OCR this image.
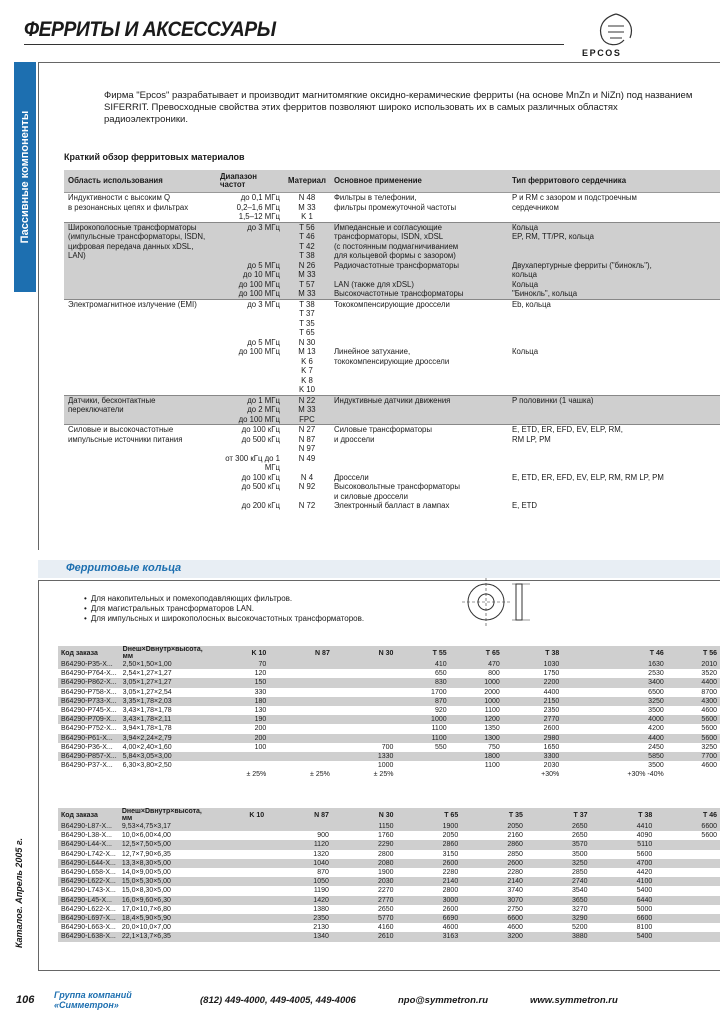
ФЕРРИТЫ И АКСЕССУАРЫ
EPCOS
Пассивные компоненты
Каталог. Апрель 2005 г.
Фирма "Epcos" разрабатывает и производит магнитомягкие оксидно-керамические ферриты (на основе MnZn и NiZn) под названием SIFERRIT. Превосходные свойства этих ферритов позволяют широко использовать их в самых различных областях радиоэлектроники.
Краткий обзор ферритовых материалов
Область использования	Диапазон частот	Материал	Основное применение	Тип ферритового сердечника
Индуктивности с высоким Q	до 0,1 МГц	N 48	Фильтры в телефонии,	P и RM с зазором и подстроечным
в резонансных цепях и фильтрах	0,2–1,6 МГц	M 33	фильтры промежуточной частоты	сердечником
	1,5–12 МГц	K 1		
Широкополосные трансформаторы	до 3 МГц	T 56	Импедансные и согласующие	Кольца
(импульсные трансформаторы, ISDN,		T 46	трансформаторы, ISDN, xDSL	EP, RM, TT/PR, кольца
цифровая передача данных xDSL,		T 42	(с постоянным подмагничиванием	
LAN)		T 38	для кольцевой формы с зазором)	
	до 5 МГц	N 26	Радиочастотные трансформаторы	Двухапертурные ферриты ("бинокль"),
	до 10 МГц	M 33		кольца
	до 100 МГц	T 57	LAN (также для xDSL)	Кольца
	до 100 МГц	M 33	Высокочастотные трансформаторы	"Бинокль", кольца
Электромагнитное излучение (EMI)	до 3 МГц	T 38	Тококомпенсирующие дроссели	Eb, кольца
		T 37		
		T 35		
		T 65		
	до 5 МГц	N 30		
	до 100 МГц	M 13	Линейное затухание,	Кольца
		K 6	тококомпенсирующие дроссели	
		K 7		
		K 8		
		K 10		
Датчики, бесконтактные	до 1 МГц	N 22	Индуктивные датчики движения	P половинки (1 чашка)
переключатели	до 2 МГц	M 33		
	до 100 МГц	FPC		
Силовые и высокочастотные	до 100 кГц	N 27	Силовые трансформаторы	E, ETD, ER, EFD, EV, ELP, RM,
импульсные источники питания	до 500 кГц	N 87	и дроссели	RM LP, PM
		N 97		
	от 300 кГц до 1 МГц	N 49		
	до 100 кГц	N 4	Дроссели	E, ETD, ER, EFD, EV, ELP, RM, RM LP, PM
	до 500 кГц	N 92	Высоковольтные трансформаторы	
			и силовые дроссели	
	до 200 кГц	N 72	Электронный балласт в лампах	E, ETD
Ферритовые кольца
• Для накопительных и помехоподавляющих фильтров.
• Для магистральных трансформаторов LAN.
• Для импульсных и широкополосных высокочастотных трансформаторов.
Код заказа	Dнеш×Dвнутр×высота, мм	K 10	N 87	N 30	T 55	T 65	T 38	T 46	T 56
B64290-P35-X...	2,50×1,50×1,00	70			410	470	1030	1630	2010
B64290-P764-X...	2,54×1,27×1,27	120			650	800	1750	2530	3520
B64290-P862-X...	3,05×1,27×1,27	150			830	1000	2200	3400	4400
B64290-P758-X...	3,05×1,27×2,54	330			1700	2000	4400	6500	8700
B64290-P733-X...	3,35×1,78×2,03	180			870	1000	2150	3250	4300
B64290-P745-X...	3,43×1,78×1,78	130			920	1100	2350	3500	4600
B64290-P709-X...	3,43×1,78×2,11	190			1000	1200	2770	4000	5600
B64290-P752-X...	3,94×1,78×1,78	200			1100	1350	2600	4200	5600
B64290-P61-X...	3,94×2,24×2,79	200			1100	1300	2980	4400	5600
B64290-P36-X...	4,00×2,40×1,60	100		700	550	750	1650	2450	3250
B64290-P857-X...	5,84×3,05×3,00			1330		1800	3300	5850	7700
B64290-P37-X...	6,30×3,80×2,50			1000		1100	2030	3500	4600
		± 25%	± 25%	± 25%			+30%	+30% -40%	
Код заказа	Dнеш×Dвнутр×высота, мм	K 10	N 87	N 30	T 65	T 35	T 37	T 38	T 46
B64290-L87-X...	9,53×4,75×3,17			1150	1900	2050	2650	4410	6600
B64290-L38-X...	10,0×6,00×4,00		900	1760	2050	2160	2650	4090	5600
B64290-L44-X...	12,5×7,50×5,00		1120	2290	2860	2860	3570	5110	
B64290-L742-X...	12,7×7,90×6,35		1320	2800	3150	2850	3500	5600	
B64290-L644-X...	13,3×8,30×5,00		1040	2080	2600	2600	3250	4700	
B64290-L658-X...	14,0×9,00×5,00		870	1900	2280	2280	2850	4420	
B64290-L622-X...	15,0×5,30×5,00		1050	2030	2140	2140	2740	4100	
B64290-L743-X...	15,0×8,30×5,00		1190	2270	2800	3740	3540	5400	
B64290-L45-X...	16,0×9,60×6,30		1420	2770	3000	3070	3650	6440	
B64290-L622-X...	17,0×10,7×6,80		1380	2650	2600	2750	3270	5000	
B64290-L697-X...	18,4×5,90×5,90		2350	5770	6690	6600	3290	6600	
B64290-L663-X...	20,0×10,0×7,00		2130	4160	4600	4600	5200	8100	
B64290-L638-X...	22,1×13,7×6,35		1340	2610	3163	3200	3880	5400	
106 Группа компаний
«Симметрон»	(812) 449-4000, 449-4005, 449-4006	npo@symmetron.ru	www.symmetron.ru
